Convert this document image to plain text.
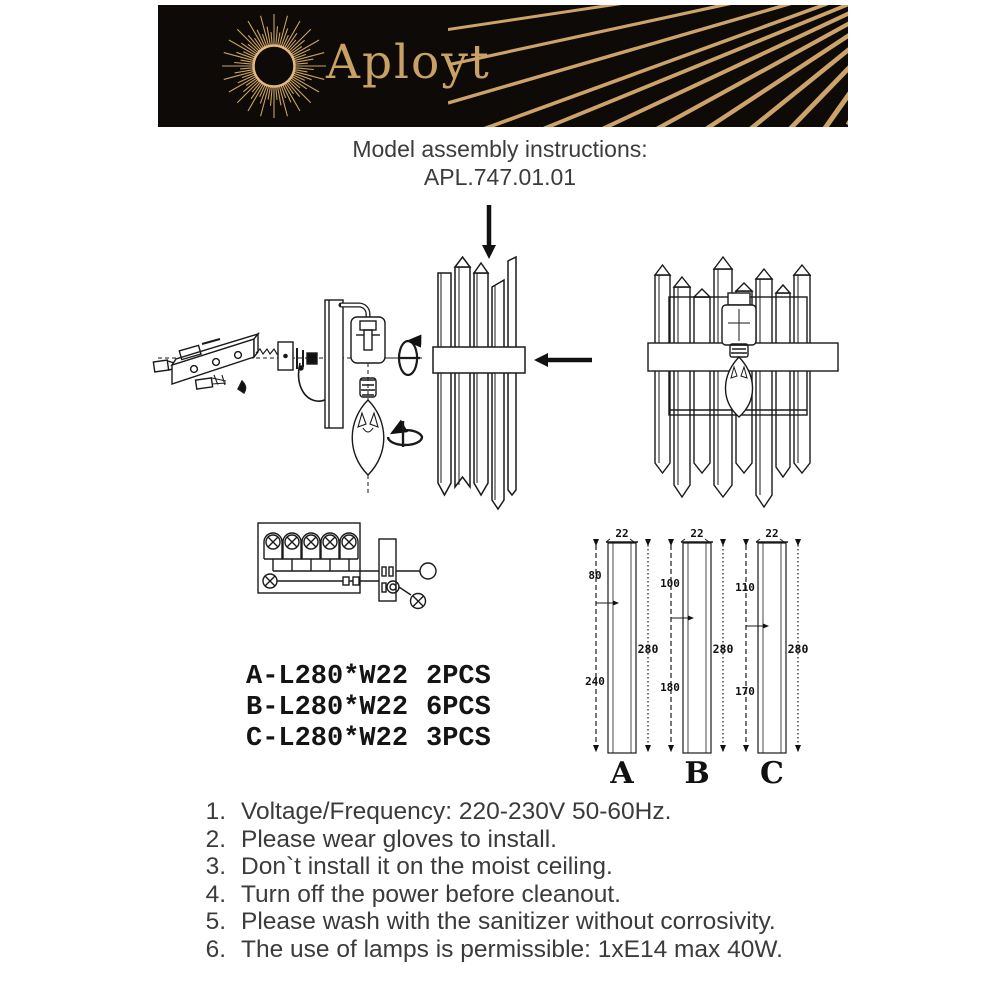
Aployt
Model assembly instructions:
APL.747.01.01
A-L280*W22 2PCS
B-L280*W22 6PCS
C-L280*W22 3PCS
22
80
240
280
A
22
100
180
280
B
22
110
170
280
C
1. Voltage/Frequency: 220-230V 50-60Hz.
2. Please wear gloves to install.
3. Don`t install it on the moist ceiling.
4. Turn off the power before cleanout.
5. Please wash with the sanitizer without corrosivity.
6. The use of lamps is permissible: 1xE14 max 40W.
